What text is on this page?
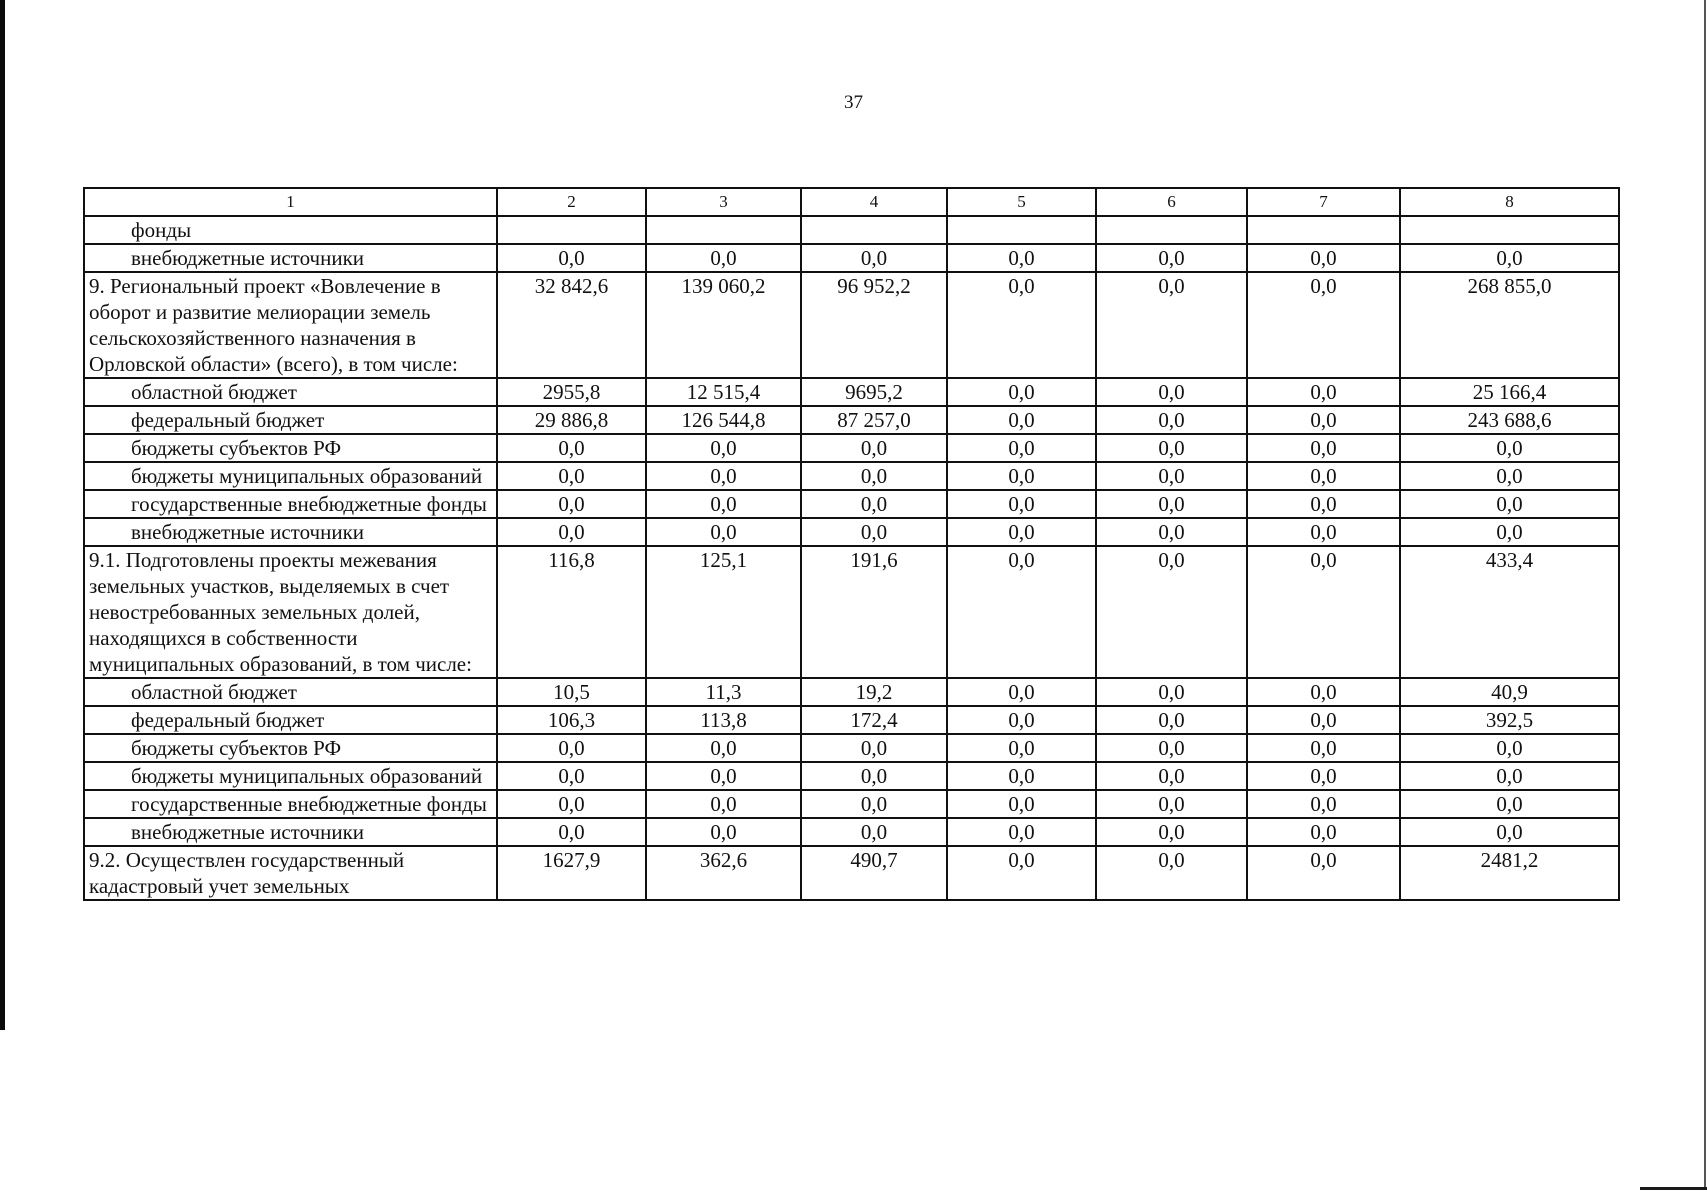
37
1	2	3	4	5	6	7	8
фонды							
внебюджетные источники	0,0	0,0	0,0	0,0	0,0	0,0	0,0
9. Региональный проект «Вовлечение в оборот и развитие мелиорации земель сельскохозяйственного назначения в Орловской области» (всего), в том числе:	32 842,6	139 060,2	96 952,2	0,0	0,0	0,0	268 855,0
областной бюджет	2955,8	12 515,4	9695,2	0,0	0,0	0,0	25 166,4
федеральный бюджет	29 886,8	126 544,8	87 257,0	0,0	0,0	0,0	243 688,6
бюджеты субъектов РФ	0,0	0,0	0,0	0,0	0,0	0,0	0,0
бюджеты муниципальных образований	0,0	0,0	0,0	0,0	0,0	0,0	0,0
государственные внебюджетные фонды	0,0	0,0	0,0	0,0	0,0	0,0	0,0
внебюджетные источники	0,0	0,0	0,0	0,0	0,0	0,0	0,0
9.1. Подготовлены проекты межевания земельных участков, выделяемых в счет невостребованных земельных долей, находящихся в собственности муниципальных образований, в том числе:	116,8	125,1	191,6	0,0	0,0	0,0	433,4
областной бюджет	10,5	11,3	19,2	0,0	0,0	0,0	40,9
федеральный бюджет	106,3	113,8	172,4	0,0	0,0	0,0	392,5
бюджеты субъектов РФ	0,0	0,0	0,0	0,0	0,0	0,0	0,0
бюджеты муниципальных образований	0,0	0,0	0,0	0,0	0,0	0,0	0,0
государственные внебюджетные фонды	0,0	0,0	0,0	0,0	0,0	0,0	0,0
внебюджетные источники	0,0	0,0	0,0	0,0	0,0	0,0	0,0
9.2. Осуществлен государственный кадастровый учет земельных	1627,9	362,6	490,7	0,0	0,0	0,0	2481,2
